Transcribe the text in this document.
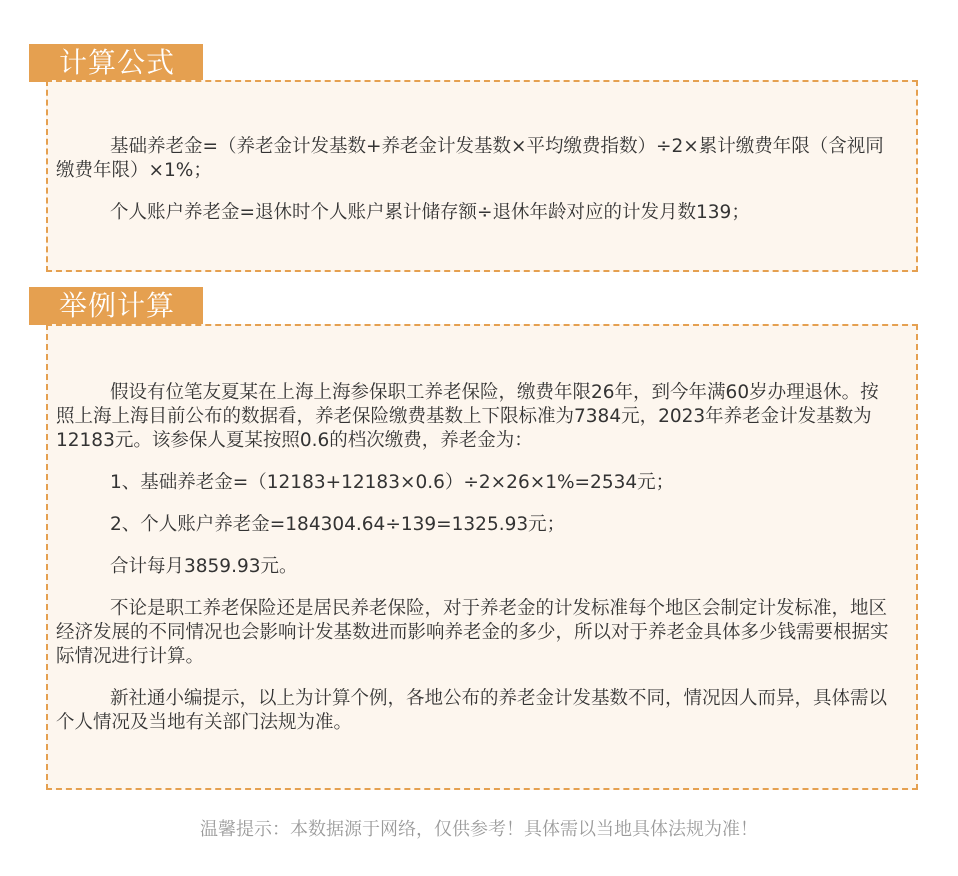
计算公式

基础养老金=（养老金计发基数+养老金计发基数×平均缴费指数）÷2×累计缴费年限（含视同缴费年限）×1%；

个人账户养老金=退休时个人账户累计储存额÷退休年龄对应的计发月数139；

举例计算

假设有位笔友夏某在上海上海参保职工养老保险，缴费年限26年，到今年满60岁办理退休。按照上海上海目前公布的数据看，养老保险缴费基数上下限标准为7384元，2023年养老金计发基数为12183元。该参保人夏某按照0.6的档次缴费，养老金为：

1、基础养老金=（12183+12183×0.6）÷2×26×1%=2534元；

2、个人账户养老金=184304.64÷139=1325.93元；

合计每月3859.93元。

不论是职工养老保险还是居民养老保险，对于养老金的计发标准每个地区会制定计发标准，地区经济发展的不同情况也会影响计发基数进而影响养老金的多少，所以对于养老金具体多少钱需要根据实际情况进行计算。

新社通小编提示，以上为计算个例，各地公布的养老金计发基数不同，情况因人而异，具体需以个人情况及当地有关部门法规为准。

温馨提示：本数据源于网络，仅供参考！具体需以当地具体法规为准！
